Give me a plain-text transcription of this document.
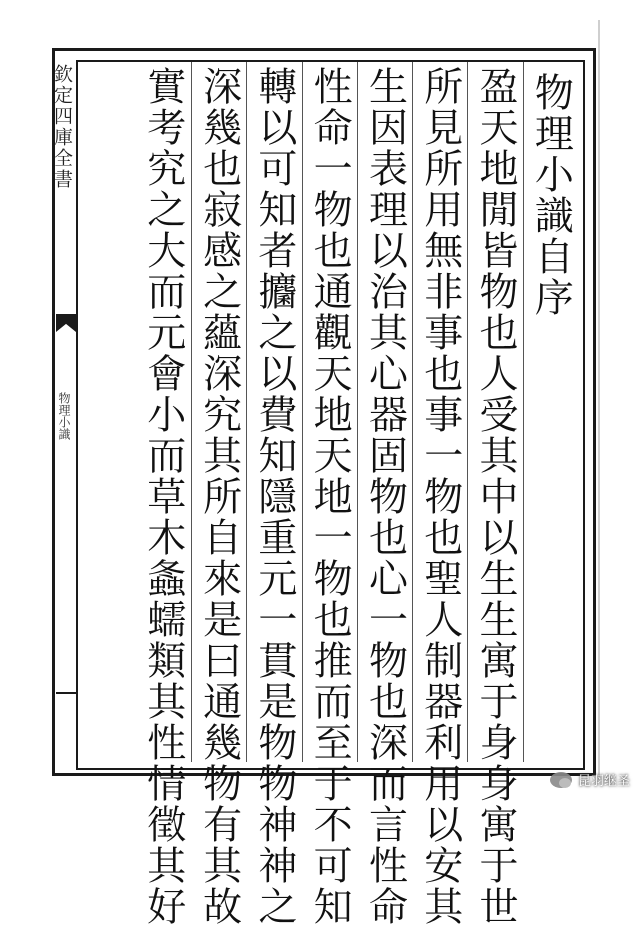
欽定四庫全書
物理小識
物理小識自序
盈天地閒皆物也人受其中以生生寓于身身寓于世
所見所用無非事也事一物也聖人制器利用以安其
生因表理以治其心器固物也心一物也深而言性命
性命一物也通觀天地天地一物也推而至于不可知
轉以可知者攟之以費知隱重元一貫是物物神神之
深幾也寂感之蘊深究其所自來是曰通幾物有其故
實考究之大而元會小而草木螽蠕類其性情徵其好	昆羽继圣
